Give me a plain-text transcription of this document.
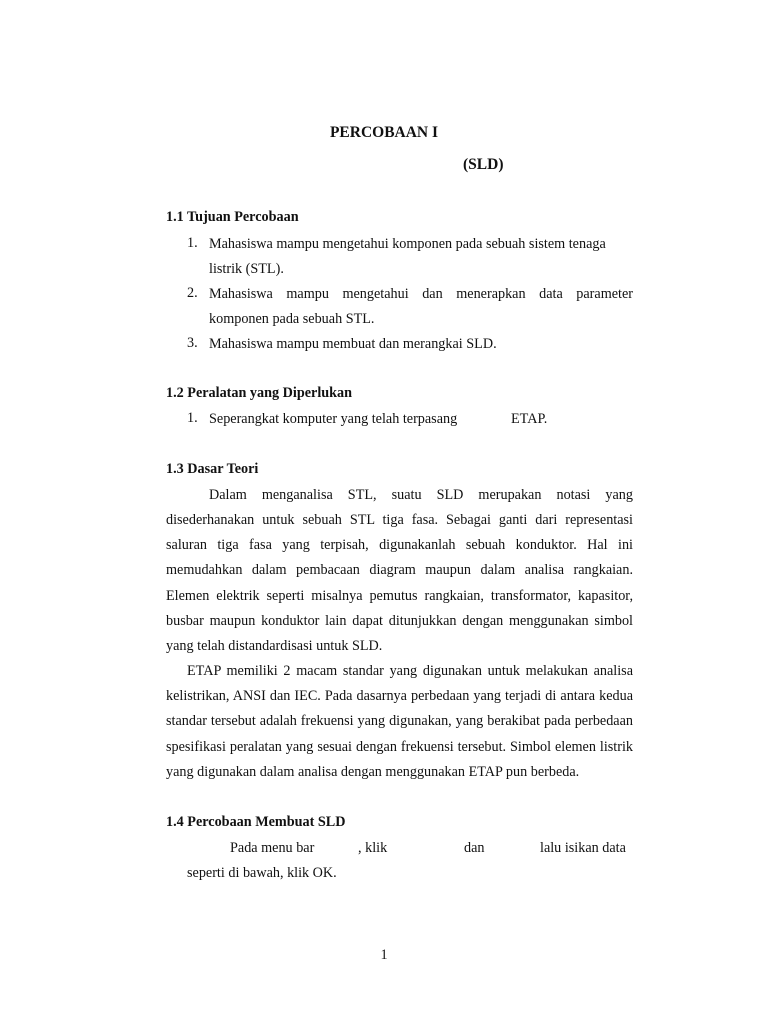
PERCOBAAN I
(SLD)
1.1 Tujuan Percobaan
1. Mahasiswa mampu mengetahui komponen pada sebuah sistem tenaga
listrik (STL).
2. Mahasiswa mampu mengetahui dan menerapkan data parameter
komponen pada sebuah STL.
3. Mahasiswa mampu membuat dan merangkai SLD.
1.2 Peralatan yang Diperlukan
1. Seperangkat komputer yang telah terpasang	ETAP.
1.3 Dasar Teori
Dalam menganalisa STL, suatu SLD merupakan notasi yang
disederhanakan untuk sebuah STL tiga fasa. Sebagai ganti dari representasi
saluran tiga fasa yang terpisah, digunakanlah sebuah konduktor. Hal ini
memudahkan dalam pembacaan diagram maupun dalam analisa rangkaian.
Elemen elektrik seperti misalnya pemutus rangkaian, transformator, kapasitor,
busbar maupun konduktor lain dapat ditunjukkan dengan menggunakan simbol
yang telah distandardisasi untuk SLD.
ETAP memiliki 2 macam standar yang digunakan untuk melakukan analisa
kelistrikan, ANSI dan IEC. Pada dasarnya perbedaan yang terjadi di antara kedua
standar tersebut adalah frekuensi yang digunakan, yang berakibat pada perbedaan
spesifikasi peralatan yang sesuai dengan frekuensi tersebut. Simbol elemen listrik
yang digunakan dalam analisa dengan menggunakan ETAP pun berbeda.
1.4 Percobaan Membuat SLD
Pada menu bar	, klik	dan	lalu isikan data
seperti di bawah, klik OK.
1
